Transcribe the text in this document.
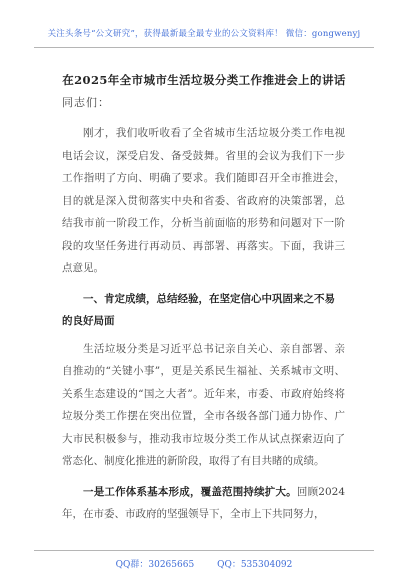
关注头条号“公文研究”，获得最新最全最专业的公文资料库！ 微信：gongwenyj
在2025年全市城市生活垃圾分类工作推进会上的讲话
同志们：

刚才，我们收听收看了全省城市生活垃圾分类工作电视电话会议，深受启发、备受鼓舞。省里的会议为我们下一步工作指明了方向、明确了要求。我们随即召开全市推进会，目的就是深入贯彻落实中央和省委、省政府的决策部署，总结我市前一阶段工作，分析当前面临的形势和问题对下一阶段的攻坚任务进行再动员、再部署、再落实。下面，我讲三点意见。

一、肯定成绩，总结经验，在坚定信心中巩固来之不易的良好局面

生活垃圾分类是习近平总书记亲自关心、亲自部署、亲自推动的“关键小事”，更是关系民生福祉、关系城市文明、关系生态建设的“国之大者”。近年来，市委、市政府始终将垃圾分类工作摆在突出位置，全市各级各部门通力协作、广大市民积极参与，推动我市垃圾分类工作从试点探索迈向了常态化、制度化推进的新阶段，取得了有目共睹的成绩。

一是工作体系基本形成，覆盖范围持续扩大。回顾2024年，在市委、市政府的坚强领导下，全市上下共同努力，

QQ群：30265665	QQ：535304092
